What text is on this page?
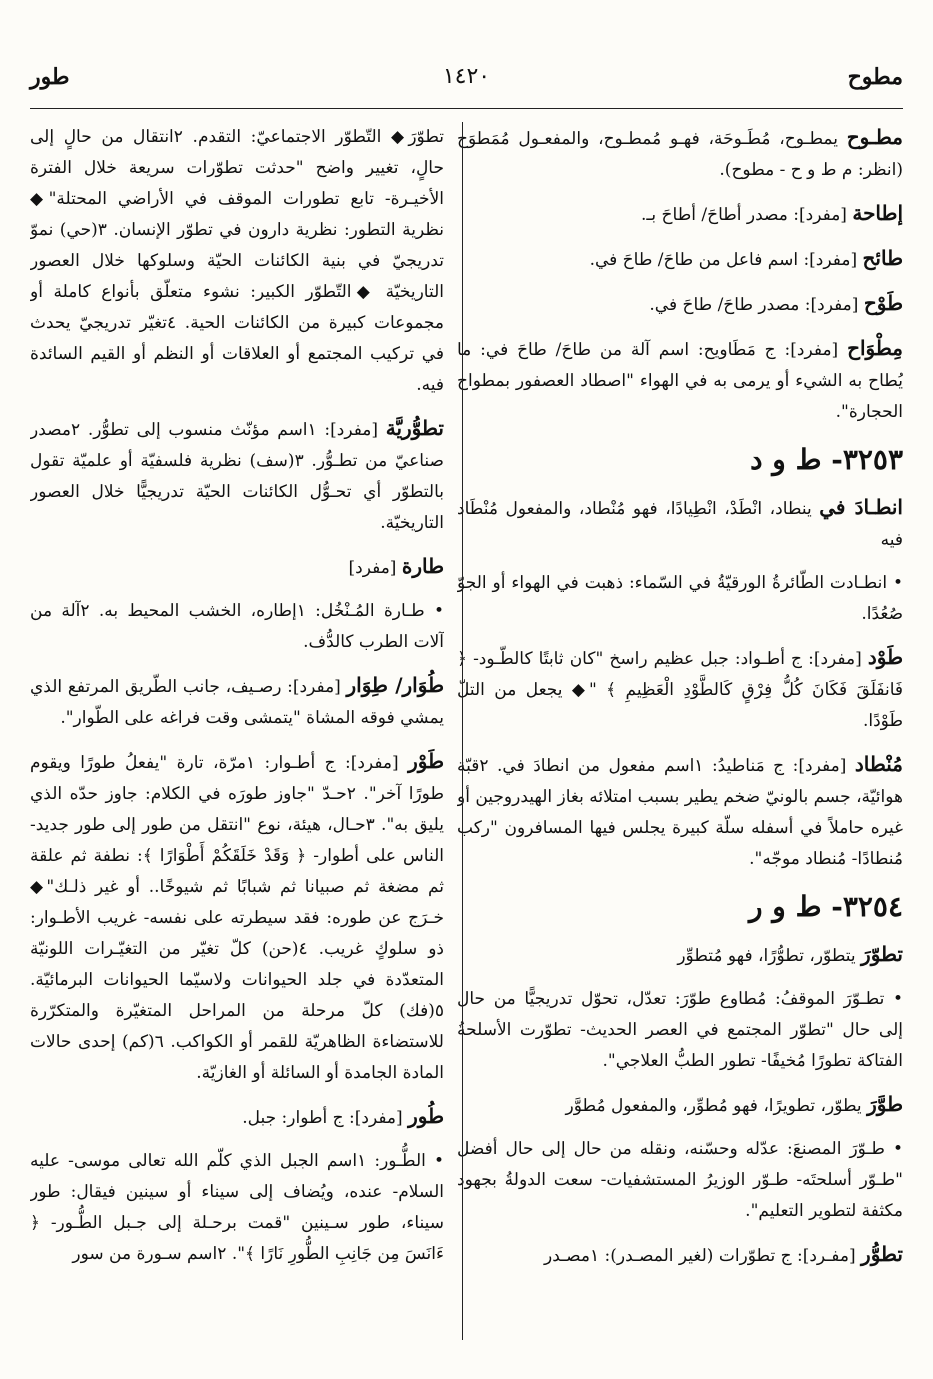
مطوح
١٤٢٠
طور

مطـوح يمطـوح، مُطَـوحَة، فهـو مُمطـوح، والمفعـول مُمَطوَح (انظر: م ط و ح - مطوح).

إطاحة [مفرد]: مصدر أطاحَ/ أطاحَ بـ.

طائح [مفرد]: اسم فاعل من طاحَ/ طاحَ في.

طَوْح [مفرد]: مصدر طاحَ/ طاحَ في.

مِطْوَاح [مفرد]: ج مَطَاويح: اسم آلة من طاحَ/ طاحَ في: ما يُطاح به الشيء أو يرمى به في الهواء "اصطاد العصفور بمطواح الحجارة".

٣٢٥٣- ط و د

انطـادَ في ينطاد، انْطَدْ، انْطِيادًا، فهو مُنْطاد، والمفعول مُنْطَاد فيه

• انطـادت الطّائرةُ الورقيّةُ في السّماء: ذهبت في الهواء أو الجوّ صُعُدًا.

طَوْد [مفرد]: ج أطـواد: جبل عظيم راسخ "كان ثابتًا كالطّـود- ﴿ فَانفَلَقَ فَكَانَ كُلُّ فِرْقٍ كَالطَّوْدِ الْعَظِيمِ ﴾ "◆ يجعل من التلّ طَوْدًا.

مُنْطاد [مفرد]: ج مَناطيدُ: ١اسم مفعول من انطادَ في. ٢قبّة هوائيّة، جسم بالونيّ ضخم يطير بسبب امتلائه بغاز الهيدروجين أو غيره حاملاً في أسفله سلّة كبيرة يجلس فيها المسافرون "ركب مُنطادًا- مُنطاد موجّه".

٣٢٥٤- ط و ر

تطوّرَ يتطوّر، تطوُّرًا، فهو مُتطوِّر

• تطـوّرَ الموقفُ: مُطاوع طوّرَ: تعدّل، تحوّل تدريجيًّا من حال إلى حال "تطوّر المجتمع في العصر الحديث- تطوّرت الأسلحةُ الفتاكة تطورًا مُخيفًا- تطور الطبُّ العلاجي".

طوَّرَ يطوّر، تطويرًا، فهو مُطوِّر، والمفعول مُطوَّر

• طـوّرَ المصنعَ: عدّله وحسّنه، ونقله من حال إلى حال أفضل "طـوّر أسلحتَه- طـوّر الوزيرُ المستشفيات- سعت الدولةُ بجهود مكثفة لتطوير التعليم".

تطوُّر [مفـرد]: ج تطوّرات (لغير المصـدر): ١مصـدر

تطوّرَ◆ التّطوّر الاجتماعيّ: التقدم. ٢انتقال من حالٍ إلى حالٍ، تغيير واضح "حدثت تطوّرات سريعة خلال الفترة الأخيـرة- تابع تطورات الموقف في الأراضي المحتلة"◆ نظرية التطور: نظرية دارون في تطوّر الإنسان. ٣(حي) نموّ تدريجيّ في بنية الكائنات الحيّة وسلوكها خلال العصور التاريخيّة ◆التّطوّر الكبير: نشوء متعلّق بأنواع كاملة أو مجموعات كبيرة من الكائنات الحية. ٤تغيّر تدريجيّ يحدث في تركيب المجتمع أو العلاقات أو النظم أو القيم السائدة فيه.

تطوُّريَّة [مفرد]: ١اسم مؤنّث منسوب إلى تطوُّر. ٢مصدر صناعيّ من تطـوُّر. ٣(سف) نظرية فلسفيّة أو علميّة تقول بالتطوّر أي تحـوُّل الكائنات الحيّة تدريجيًّا خلال العصور التاريخيّة.

طارة [مفرد]

• طـارة المُـنْخُل: ١إطاره، الخشب المحيط به. ٢آلة من آلات الطرب كالدُّف.

طُوَار/ طِوَار [مفرد]: رصـيف، جانب الطّريق المرتفع الذي يمشي فوقه المشاة "يتمشى وقت فراغه على الطّوار".

طَوْر [مفرد]: ج أطـوار: ١مرّة، تارة "يفعلُ طورًا ويقوم طورًا آخر". ٢حـدّ "جاوز طورَه في الكلام: جاوز حدّه الذي يليق به". ٣حـال، هيئة، نوع "انتقل من طور إلى طور جديد- الناس على أطوار- ﴿ وَقَدْ خَلَقَكُمْ أَطْوَارًا ﴾: نطفة ثم علقة ثم مضغة ثم صبيانا ثم شبابًا ثم شيوخًا.. أو غير ذلـك"◆ خـرَج عن طوره: فقد سيطرته على نفسه- غريب الأطـوار: ذو سلوكٍ غريب. ٤(حن) كلّ تغيّر من التغيّـرات اللونيّة المتعدّدة في جلد الحيوانات ولاسيّما الحيوانات البرمائيّة. ٥(فك) كلّ مرحلة من المراحل المتغيّرة والمتكرّرة للاستضاءة الظاهريّة للقمر أو الكواكب. ٦(كم) إحدى حالات المادة الجامدة أو السائلة أو الغازيّة.

طُور [مفرد]: ج أطوار: جبل.

• الطُّـور: ١اسم الجبل الذي كلّم الله تعالى موسى- عليه السلام- عنده، ويُضاف إلى سيناء أو سينين فيقال: طور سيناء، طور سـينين "قمت برحـلة إلى جـبل الطُّـور- ﴿ ءَانَسَ مِن جَانِبِ الطُّورِ نَارًا ﴾". ٢اسم سـورة من سور
